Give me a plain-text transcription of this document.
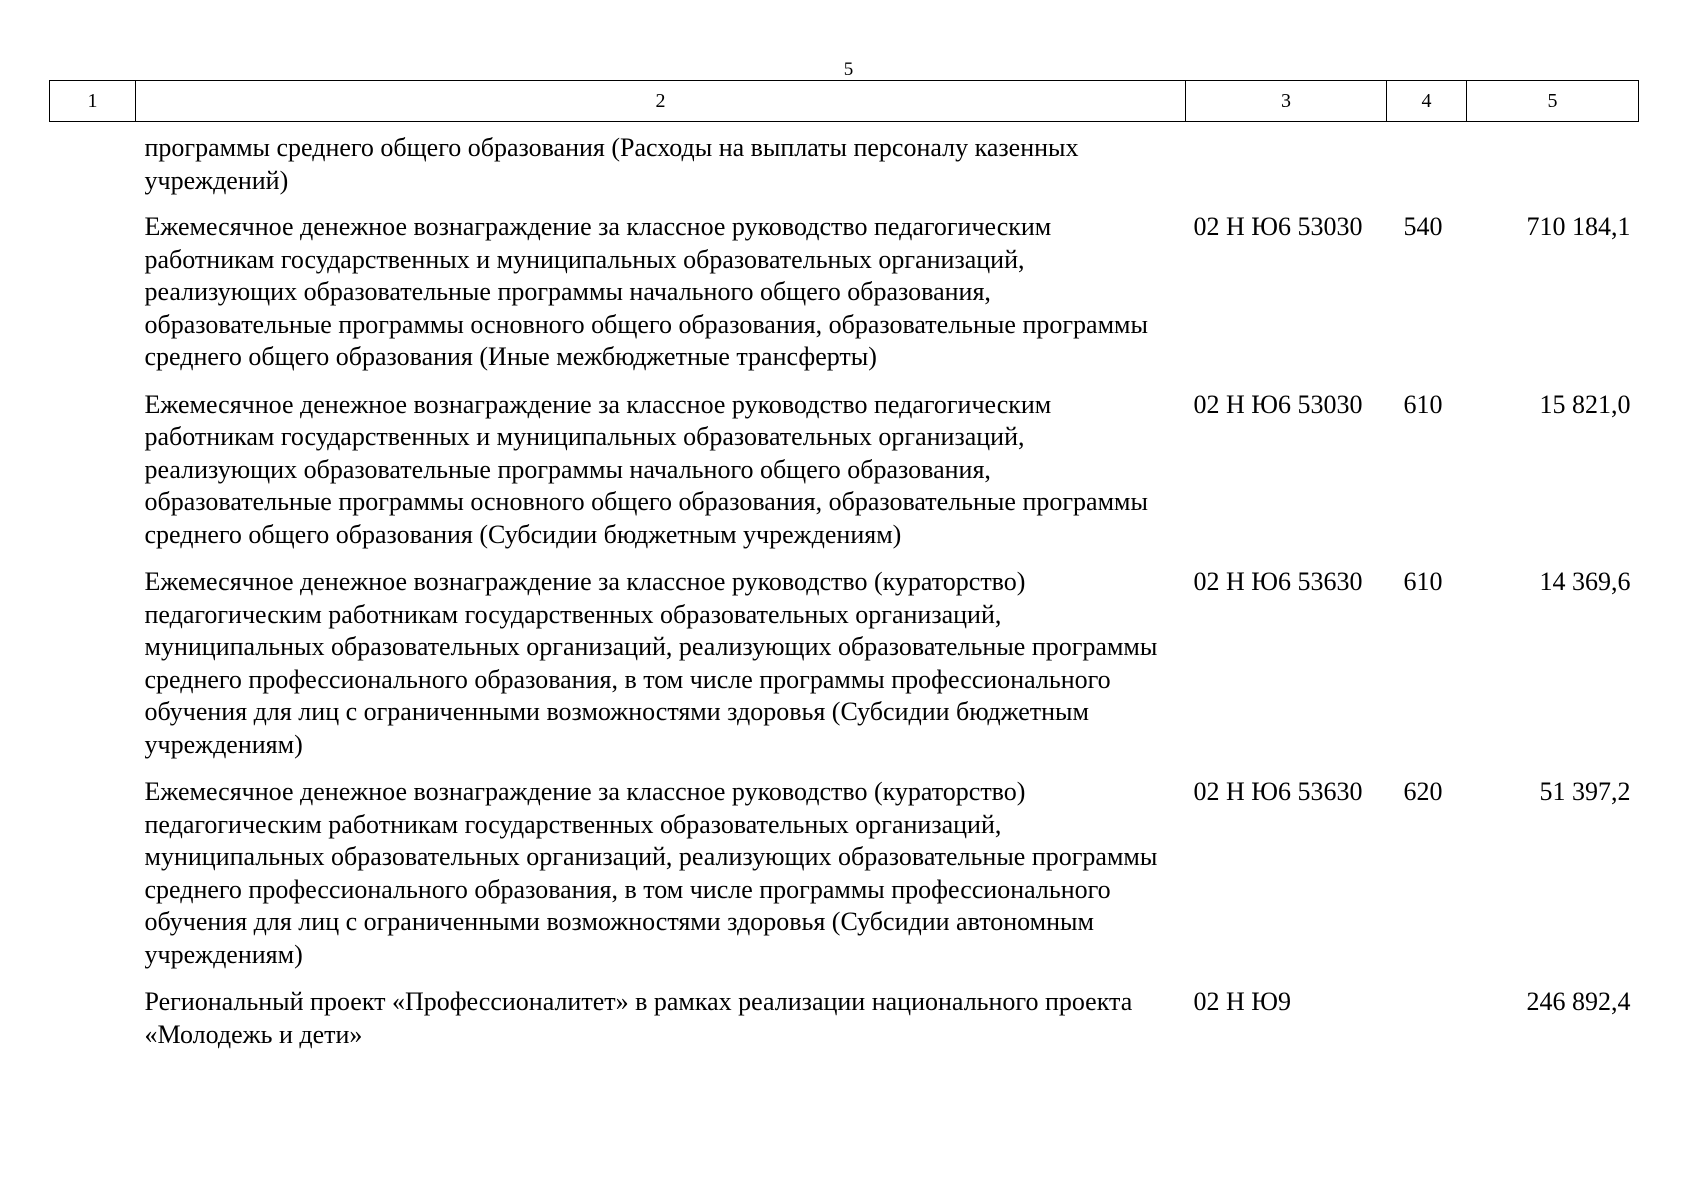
5
1	2	3	4	5
	программы среднего общего образования (Расходы на выплаты персоналу казенных учреждений)			
	Ежемесячное денежное вознаграждение за классное руководство педагогическим работникам государственных и муниципальных образовательных организаций, реализующих образовательные программы начального общего образования, образовательные программы основного общего образования, образовательные программы среднего общего образования (Иные межбюджетные трансферты)	02 Н Ю6 53030	540	710 184,1
	Ежемесячное денежное вознаграждение за классное руководство педагогическим работникам государственных и муниципальных образовательных организаций, реализующих образовательные программы начального общего образования, образовательные программы основного общего образования, образовательные программы среднего общего образования (Субсидии бюджетным учреждениям)	02 Н Ю6 53030	610	15 821,0
	Ежемесячное денежное вознаграждение за классное руководство (кураторство) педагогическим работникам государственных образовательных организаций, муниципальных образовательных организаций, реализующих образовательные программы среднего профессионального образования, в том числе программы профессионального обучения для лиц с ограниченными возможностями здоровья (Субсидии бюджетным учреждениям)	02 Н Ю6 53630	610	14 369,6
	Ежемесячное денежное вознаграждение за классное руководство (кураторство) педагогическим работникам государственных образовательных организаций, муниципальных образовательных организаций, реализующих образовательные программы среднего профессионального образования, в том числе программы профессионального обучения для лиц с ограниченными возможностями здоровья (Субсидии автономным учреждениям)	02 Н Ю6 53630	620	51 397,2
	Региональный проект «Профессионалитет» в рамках реализации национального проекта «Молодежь и дети»	02 Н Ю9		246 892,4
